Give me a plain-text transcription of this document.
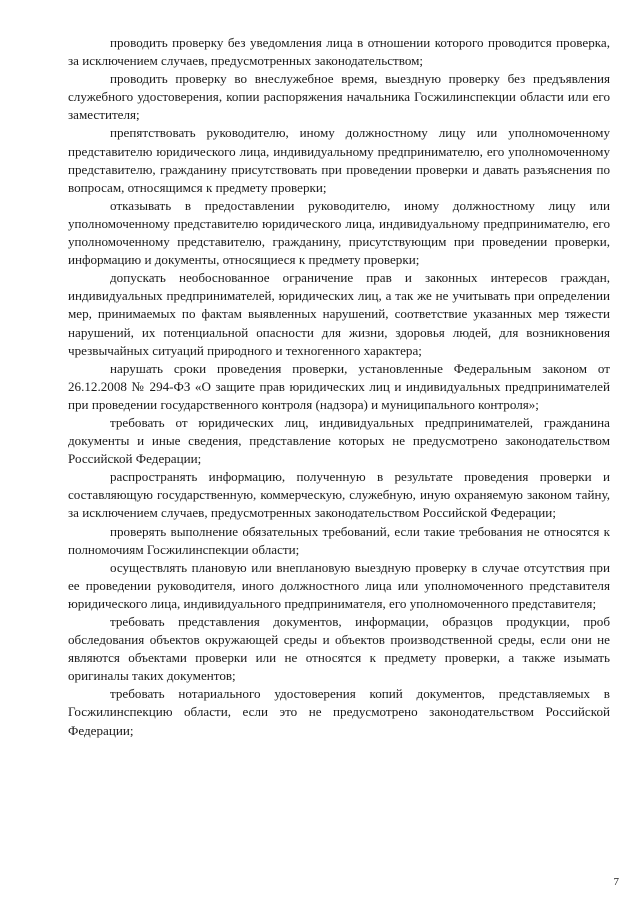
проводить проверку без уведомления лица в отношении которого проводится проверка, за исключением случаев, предусмотренных законодательством;

проводить проверку во внеслужебное время, выездную проверку без предъявления служебного удостоверения, копии распоряжения начальника Госжилинспекции области или его заместителя;

препятствовать руководителю, иному должностному лицу или уполномоченному представителю юридического лица, индивидуальному предпринимателю, его уполномоченному представителю, гражданину присутствовать при проведении проверки и давать разъяснения по вопросам, относящимся к предмету проверки;

отказывать в предоставлении руководителю, иному должностному лицу или уполномоченному представителю юридического лица, индивидуальному предпринимателю, его уполномоченному представителю, гражданину, присутствующим при проведении проверки, информацию и документы, относящиеся к предмету проверки;

допускать необоснованное ограничение прав и законных интересов граждан, индивидуальных предпринимателей, юридических лиц, а так же не учитывать при определении мер, принимаемых по фактам выявленных нарушений, соответствие указанных мер тяжести нарушений, их потенциальной опасности для жизни, здоровья людей, для возникновения чрезвычайных ситуаций природного и техногенного характера;

нарушать сроки проведения проверки, установленные Федеральным законом от 26.12.2008 № 294-ФЗ «О защите прав юридических лиц и индивидуальных предпринимателей при проведении государственного контроля (надзора) и муниципального контроля»;

требовать от юридических лиц, индивидуальных предпринимателей, гражданина документы и иные сведения, представление которых не предусмотрено законодательством Российской Федерации;

распространять информацию, полученную в результате проведения проверки и составляющую государственную, коммерческую, служебную, иную охраняемую законом тайну, за исключением случаев, предусмотренных законодательством Российской Федерации;

проверять выполнение обязательных требований, если такие требования не относятся к полномочиям Госжилинспекции области;

осуществлять плановую или внеплановую выездную проверку в случае отсутствия при ее проведении руководителя, иного должностного лица или уполномоченного представителя юридического лица, индивидуального предпринимателя, его уполномоченного представителя;

требовать представления документов, информации, образцов продукции, проб обследования объектов окружающей среды и объектов производственной среды, если они не являются объектами проверки или не относятся к предмету проверки, а также изымать оригиналы таких документов;

требовать нотариального удостоверения копий документов, представляемых в Госжилинспекцию области, если это не предусмотрено законодательством Российской Федерации;

7
